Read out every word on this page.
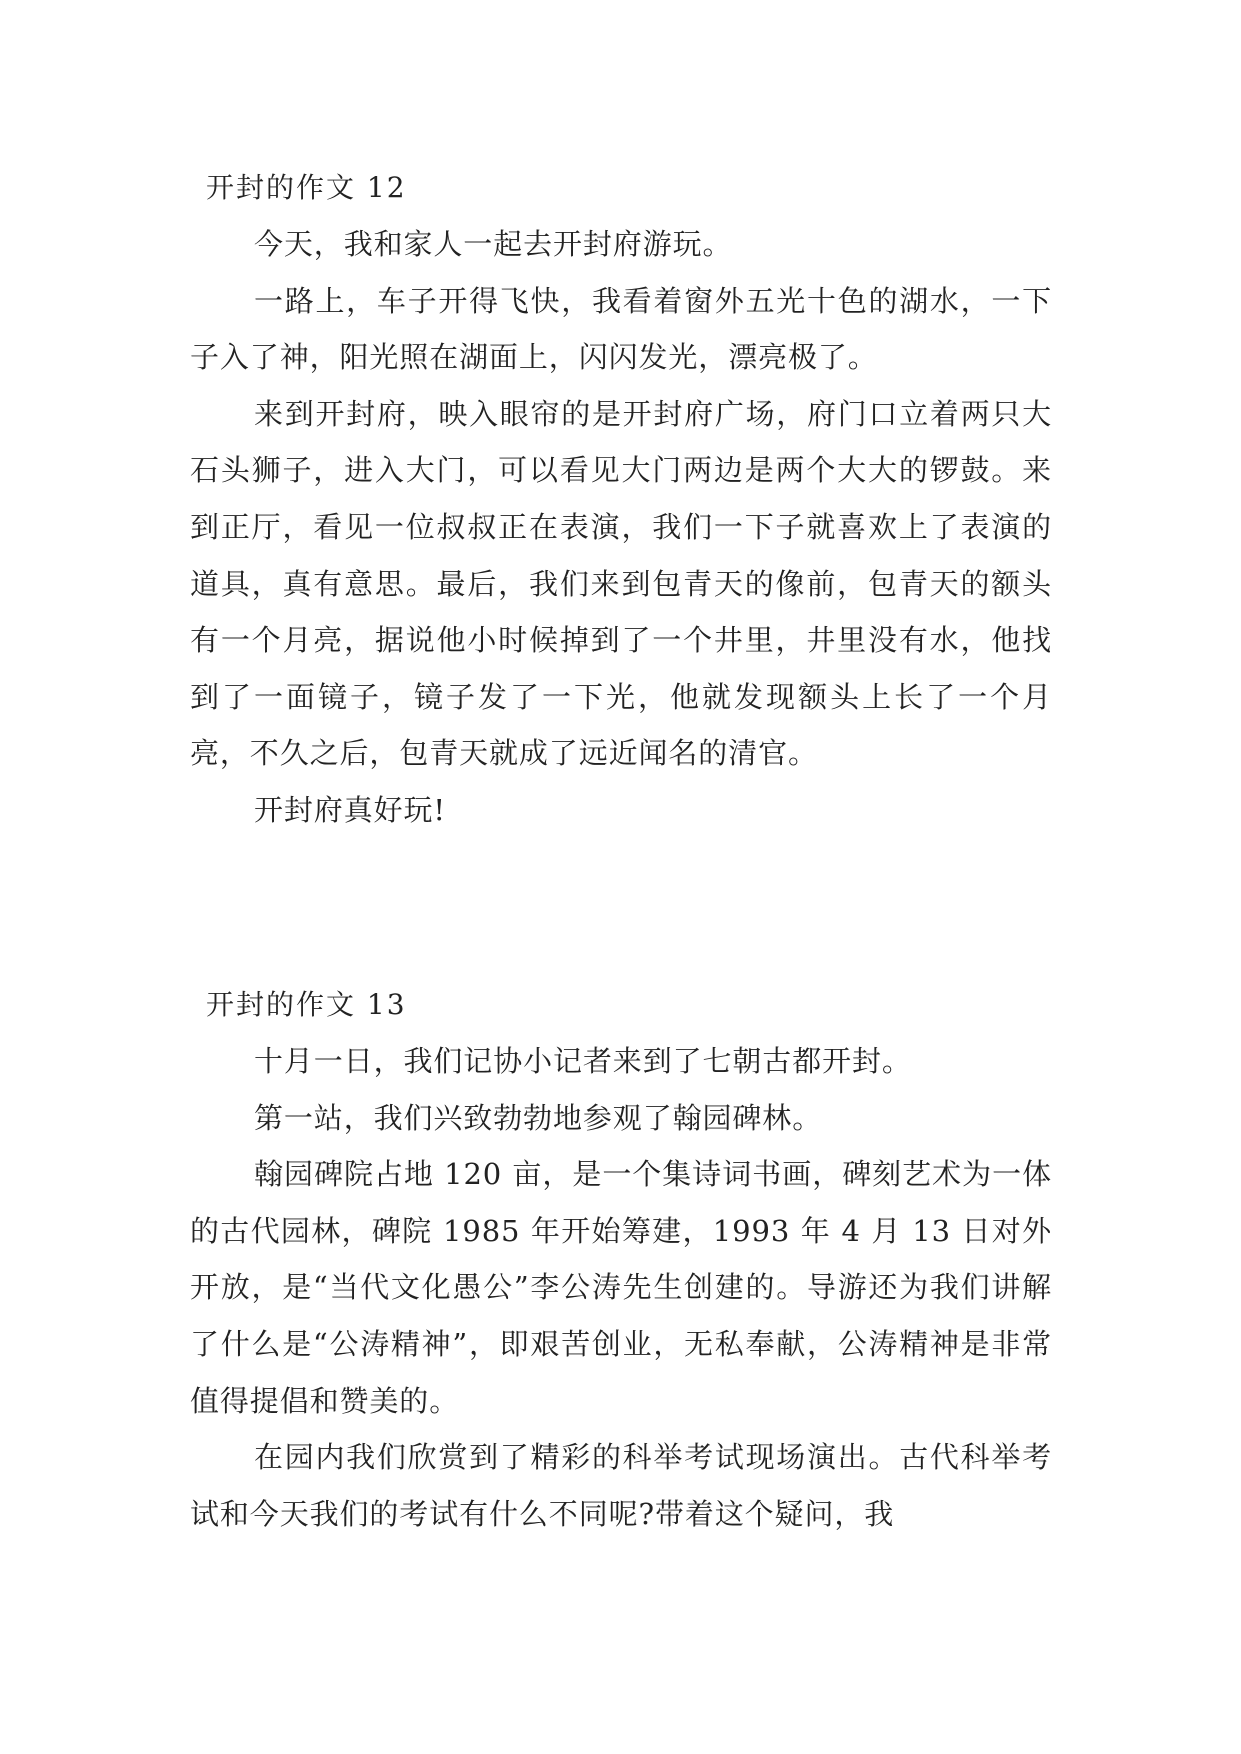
开封的作文 12

今天，我和家人一起去开封府游玩。

一路上，车子开得飞快，我看着窗外五光十色的湖水，一下子入了神，阳光照在湖面上，闪闪发光，漂亮极了。

来到开封府，映入眼帘的是开封府广场，府门口立着两只大石头狮子，进入大门，可以看见大门两边是两个大大的锣鼓。来到正厅，看见一位叔叔正在表演，我们一下子就喜欢上了表演的道具，真有意思。最后，我们来到包青天的像前，包青天的额头有一个月亮，据说他小时候掉到了一个井里，井里没有水，他找到了一面镜子，镜子发了一下光，他就发现额头上长了一个月亮，不久之后，包青天就成了远近闻名的清官。

开封府真好玩!

开封的作文 13

十月一日，我们记协小记者来到了七朝古都开封。

第一站，我们兴致勃勃地参观了翰园碑林。

翰园碑院占地 120 亩，是一个集诗词书画，碑刻艺术为一体的古代园林，碑院 1985 年开始筹建，1993 年 4 月 13 日对外开放，是“当代文化愚公”李公涛先生创建的。导游还为我们讲解了什么是“公涛精神”，即艰苦创业，无私奉献，公涛精神是非常值得提倡和赞美的。

在园内我们欣赏到了精彩的科举考试现场演出。古代科举考试和今天我们的考试有什么不同呢?带着这个疑问，我
